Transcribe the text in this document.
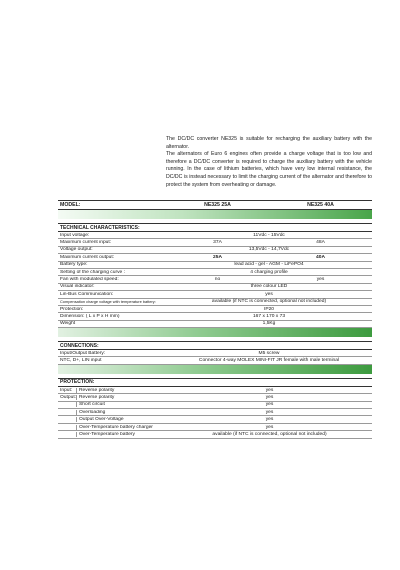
The DC/DC converter NE325 is suitable for recharging the auxiliary battery with the alternator.

The alternators of Euro 6 engines often provide a charge voltage that is too low and therefore a DC/DC converter is required to charge the auxiliary battery with the vehicle running. In the case of lithium batteries, which have very low internal resistance, the DC/DC is instead necessary to limit the charging current of the alternator and therefore to protect the system from overheating or damage.

MODEL:	NE325 25A	NE325 40A
TECHNICAL CHARACTERISTICS:
Input voltage:	11Vdc - 15Vdc
Maximum current input:	37A	48A
Voltage output:	13,5Vdc - 14,7Vdc
Maximum current output:	25A	40A
Battery type:	lead acid - gel - AGM - LiFePO4
Setting of the charging curve :	4 charging profile
Fan with modulated speed:	no	yes
Visual indicator:	three colour LED
Lin-Bus Communication:	yes
Compensation charge voltage with temperature battery:	available (if NTC is connected, optional not included)
Protection:	IP20
Dimension: ( L x P x H mm)	167 x 170 x 73
Weight	1,5Kg
CONNECTIONS:
Input/Output Battery:	M5 screw
NTC, D+, LIN input	Connector 4-way MOLEX MINI-FIT JR female with male terminal
PROTECTION:
Input:	Reverse polarity	yes
Output: Reverse polarity	yes
Short circuit	yes
Overloading	yes
Output Over-Voltage	yes
Over-Temperature battery charger	yes
Over-Temperature battery	available (if NTC is connected, optional not included)
